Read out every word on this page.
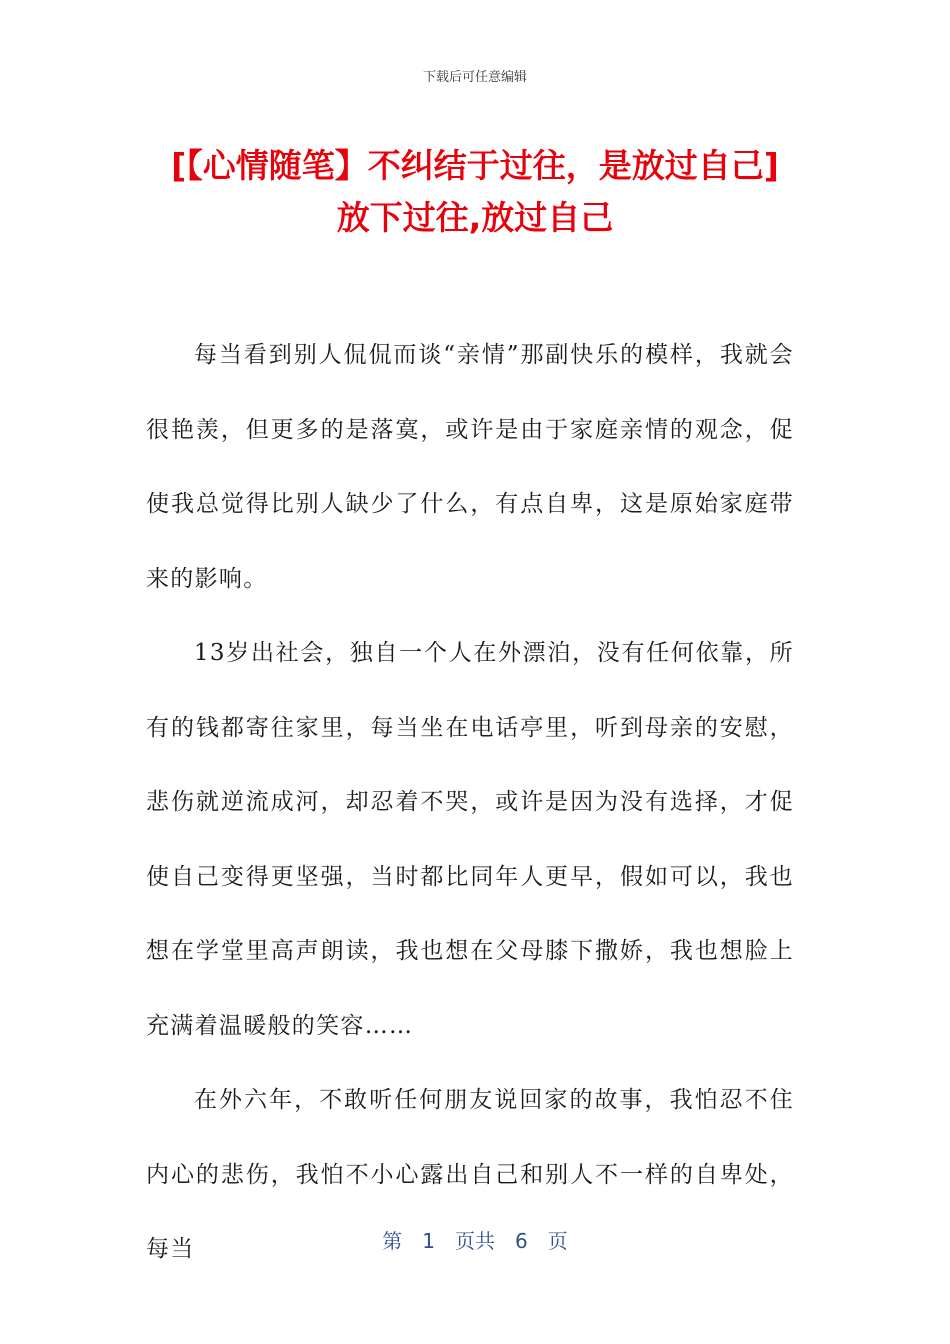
下载后可任意编辑
[【心情随笔】不纠结于过往，是放过自己]
放下过往,放过自己

每当看到别人侃侃而谈“亲情”那副快乐的模样，我就会很艳羡，但更多的是落寞，或许是由于家庭亲情的观念，促使我总觉得比别人缺少了什么，有点自卑，这是原始家庭带来的影响。

13岁出社会，独自一个人在外漂泊，没有任何依靠，所有的钱都寄往家里，每当坐在电话亭里，听到母亲的安慰，悲伤就逆流成河，却忍着不哭，或许是因为没有选择，才促使自己变得更坚强，当时都比同年人更早，假如可以，我也想在学堂里高声朗读，我也想在父母膝下撒娇，我也想脸上充满着温暖般的笑容……

在外六年，不敢听任何朋友说回家的故事，我怕忍不住内心的悲伤，我怕不小心露出自己和别人不一样的自卑处，每当	第 1 页共 6 页
